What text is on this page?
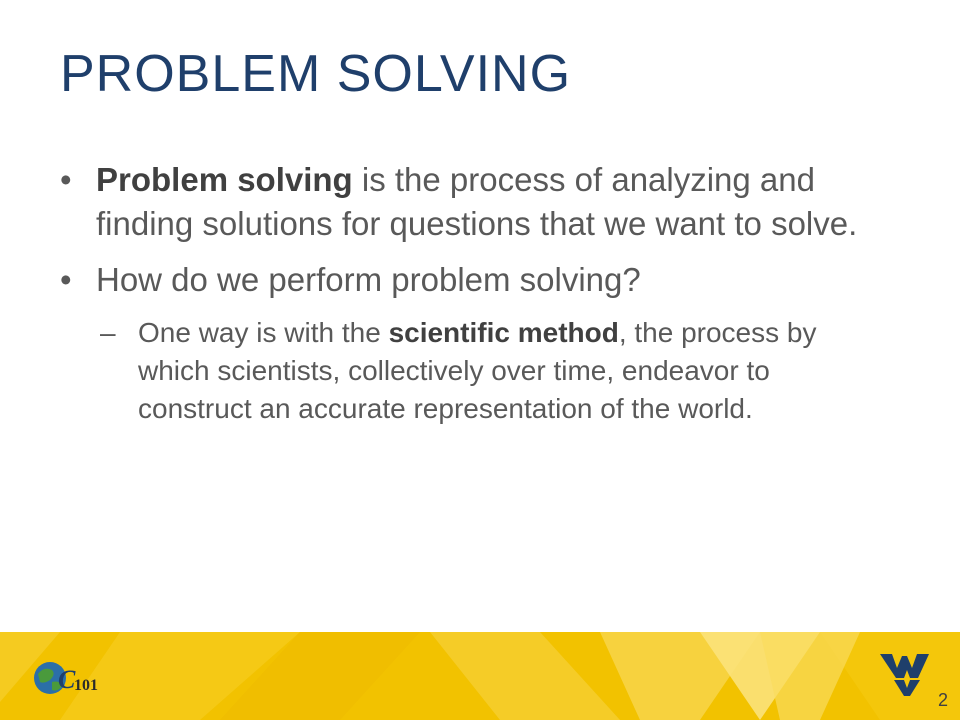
PROBLEM SOLVING
• Problem solving is the process of analyzing and finding solutions for questions that we want to solve.
• How do we perform problem solving?
– One way is with the scientific method, the process by which scientists, collectively over time, endeavor to construct an accurate representation of the world.
C
101
2
